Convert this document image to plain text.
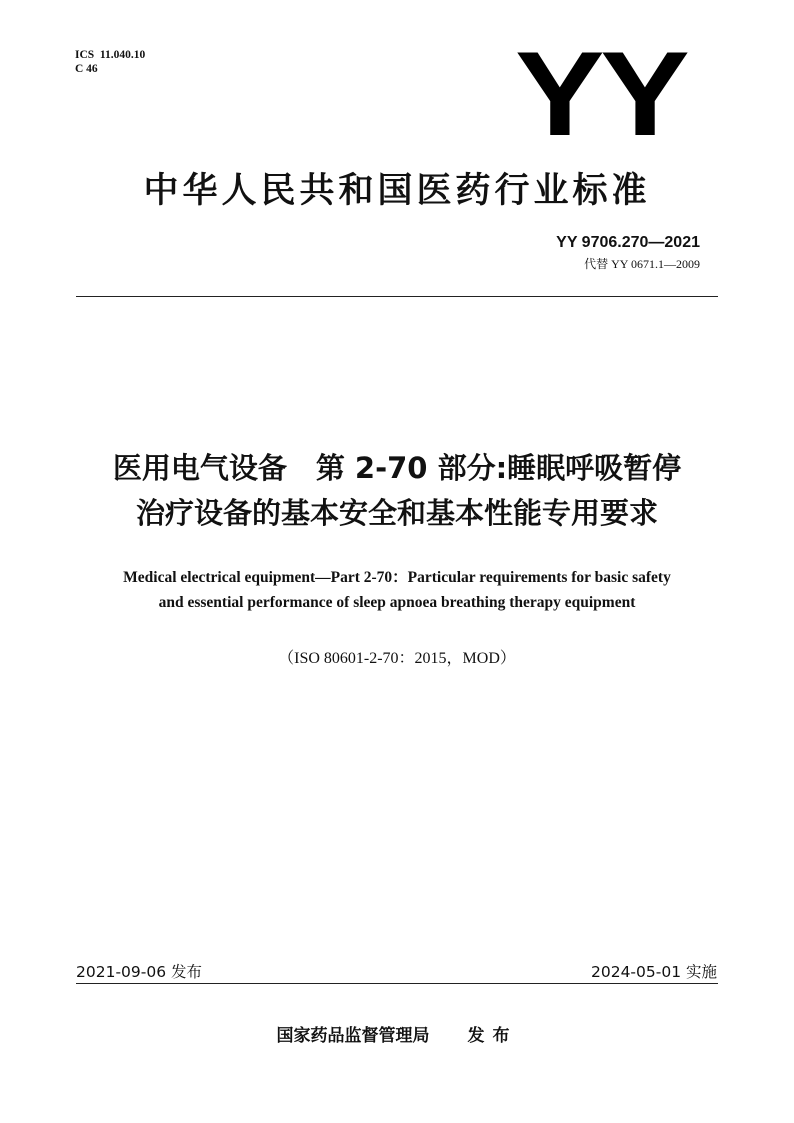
ICS  11.040.10
C 46	YY
中华人民共和国医药行业标准
YY 9706.270—2021
代替 YY 0671.1—2009
医用电气设备　第 2-70 部分:睡眠呼吸暂停
治疗设备的基本安全和基本性能专用要求
Medical electrical equipment—Part 2-70：Particular requirements for basic safety
and essential performance of sleep apnoea breathing therapy equipment
（ISO 80601-2-70：2015，MOD）
2021-09-06 发布	2024-05-01 实施
国家药品监督管理局 发布
